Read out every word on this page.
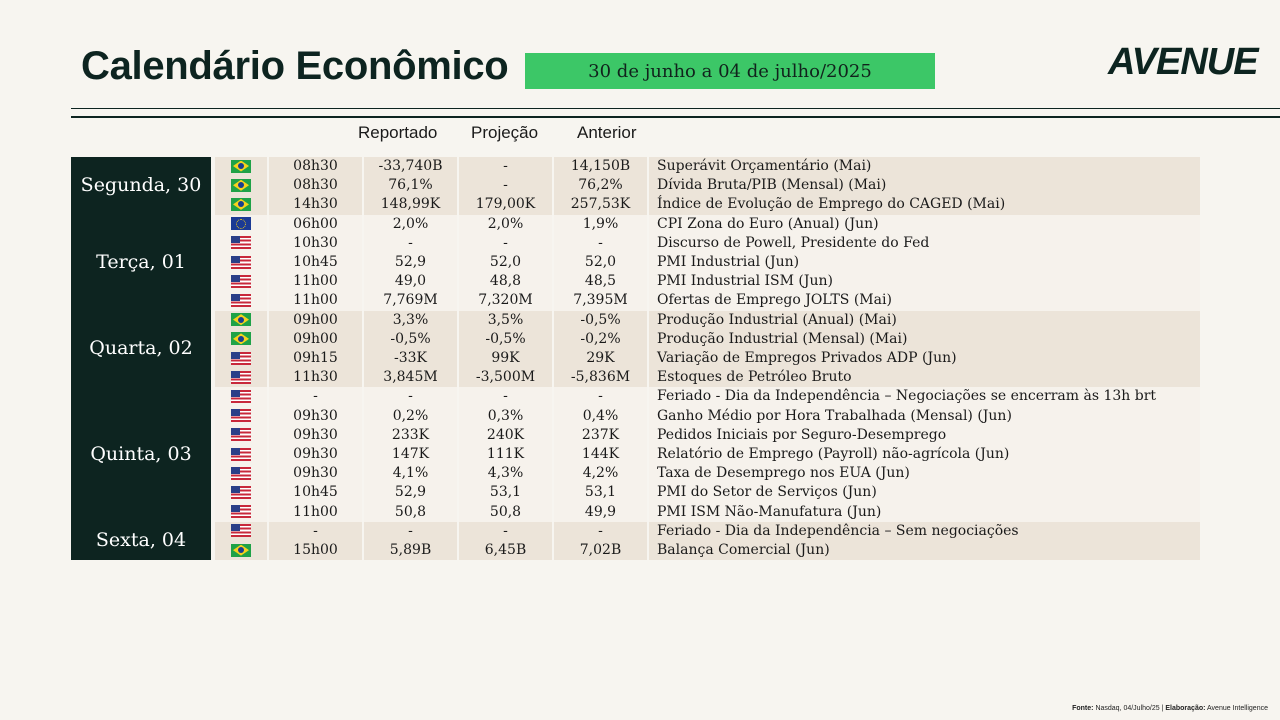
Calendário Econômico	30 de junho a 04 de julho/2025	AVENUE
Reportado Projeção Anterior
Segunda, 30		08h30	-33,740B	-	14,150B	Superávit Orçamentário (Mai)
		08h30	76,1%	-	76,2%	Dívida Bruta/PIB (Mensal) (Mai)
		14h30	148,99K	179,00K	257,53K	Índice de Evolução de Emprego do CAGED (Mai)
Terça, 01		06h00	2,0%	2,0%	1,9%	CPI Zona do Euro (Anual) (Jun)
		10h30	-	-	-	Discurso de Powell, Presidente do Fed
		10h45	52,9	52,0	52,0	PMI Industrial (Jun)
		11h00	49,0	48,8	48,5	PMI Industrial ISM (Jun)
		11h00	7,769M	7,320M	7,395M	Ofertas de Emprego JOLTS (Mai)
Quarta, 02		09h00	3,3%	3,5%	-0,5%	Produção Industrial (Anual) (Mai)
		09h00	-0,5%	-0,5%	-0,2%	Produção Industrial (Mensal) (Mai)
		09h15	-33K	99K	29K	Variação de Empregos Privados ADP (Jun)
		11h30	3,845M	-3,500M	-5,836M	Estoques de Petróleo Bruto
Quinta, 03		-	-	-	-	Feriado - Dia da Independência – Negociações se encerram às 13h brt
		09h30	0,2%	0,3%	0,4%	Ganho Médio por Hora Trabalhada (Mensal) (Jun)
		09h30	233K	240K	237K	Pedidos Iniciais por Seguro-Desemprego
		09h30	147K	111K	144K	Relatório de Emprego (Payroll) não-agrícola (Jun)
		09h30	4,1%	4,3%	4,2%	Taxa de Desemprego nos EUA (Jun)
		10h45	52,9	53,1	53,1	PMI do Setor de Serviços (Jun)
		11h00	50,8	50,8	49,9	PMI ISM Não-Manufatura (Jun)
Sexta, 04		-	-	-	-	Feriado - Dia da Independência – Sem negociações
		15h00	5,89B	6,45B	7,02B	Balança Comercial (Jun)
Fonte: Nasdaq, 04/Julho/25 | Elaboração: Avenue Intelligence
